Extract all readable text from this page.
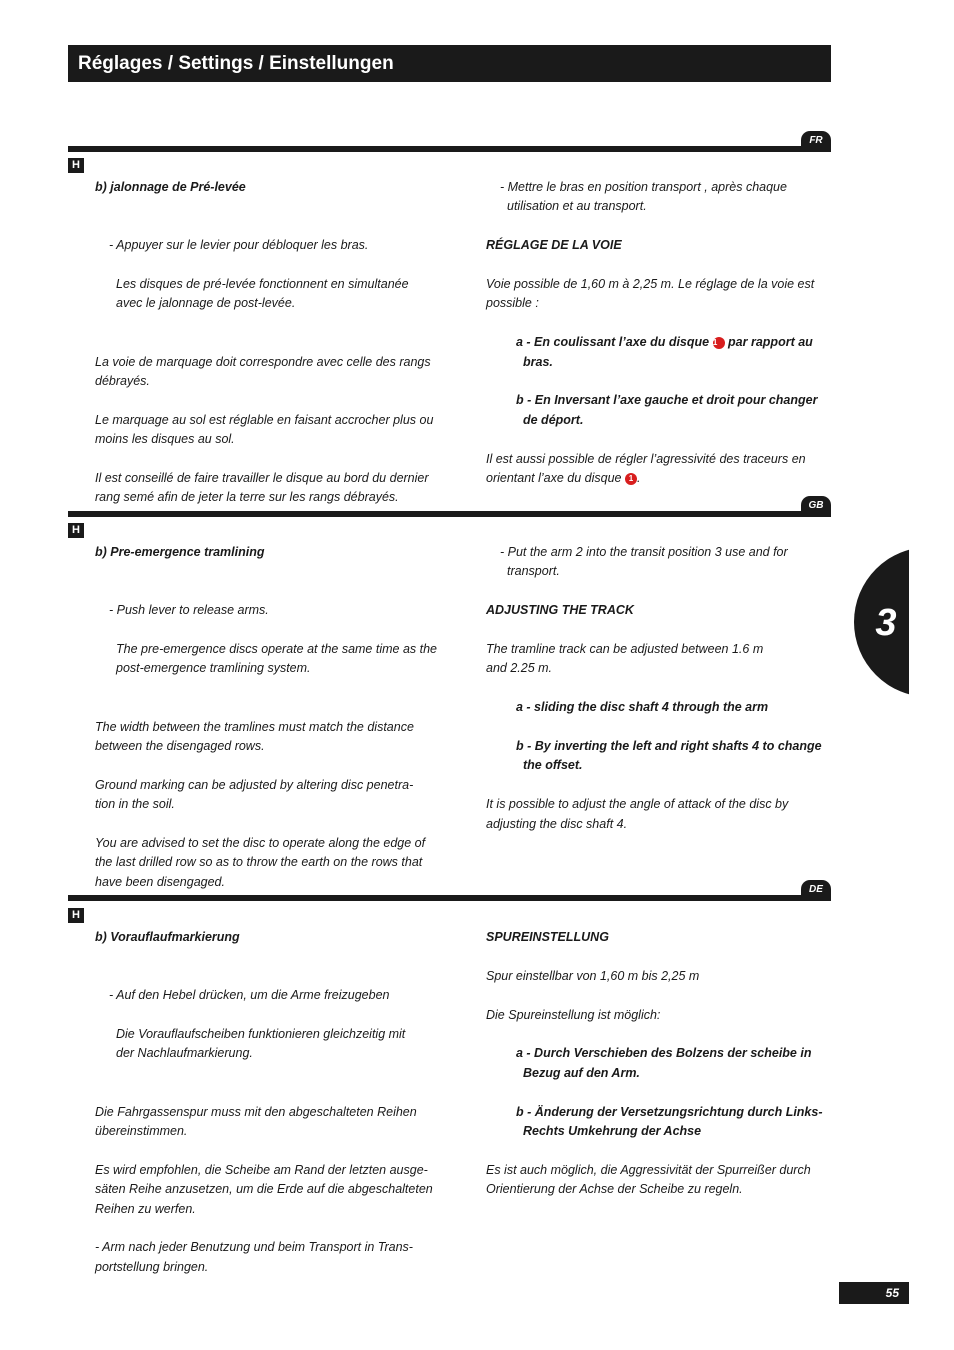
Réglages / Settings / Einstellungen
FR
H
b) jalonnage de Pré-levée

- Appuyer sur le levier pour débloquer les bras.

Les disques de pré-levée fonctionnent en simultanée
avec le jalonnage de post-levée.

La voie de marquage doit correspondre avec celle des rangs
débrayés.
Le marquage au sol est réglable en faisant accrocher plus ou
moins les disques au sol.
Il est conseillé de faire travailler le disque au bord du dernier
rang semé afin de jeter la terre sur les rangs débrayés.
- Mettre le bras en position transport , après chaque
utilisation et au transport.
RÉGLAGE DE LA VOIE
Voie possible de 1,60 m à 2,25 m. Le réglage de la voie est
possible :
a - En coulissant l’axe du disque 1 par rapport au
bras.
b - En Inversant l’axe gauche et droit pour changer
de déport.
Il est aussi possible de régler l’agressivité des traceurs en
orientant l’axe du disque 1 .
GB
H
b) Pre-emergence tramlining

- Push lever to release arms.

The pre-emergence discs operate at the same time as the
post-emergence tramlining system.

The width between the tramlines must match the distance
between the disengaged rows.
Ground marking can be adjusted by altering disc penetra-
tion in the soil.
You are advised to set the disc to operate along the edge of
the last drilled row so as to throw the earth on the rows that
have been disengaged.
- Put the arm 2 into the transit position 3 use and for
transport.
ADJUSTING THE TRACK
The tramline track can be adjusted between 1.6 m
and 2.25 m.
a - sliding the disc shaft 4 through the arm
b - By inverting the left and right shafts 4 to change
the offset.
It is possible to adjust the angle of attack of the disc by
adjusting the disc shaft 4.
DE
H
b) Vorauflaufmarkierung

- Auf den Hebel drücken, um die Arme freizugeben

Die Vorauflaufscheiben funktionieren gleichzeitig mit
der Nachlaufmarkierung.

Die Fahrgassenspur muss mit den abgeschalteten Reihen
übereinstimmen.
Es wird empfohlen, die Scheibe am Rand der letzten ausge-
säten Reihe anzusetzen, um die Erde auf die abgeschalteten
Reihen zu werfen.
- Arm nach jeder Benutzung und beim Transport in Trans-
portstellung bringen.
SPUREINSTELLUNG
Spur einstellbar von 1,60 m bis 2,25 m
Die Spureinstellung ist möglich:
a - Durch Verschieben des Bolzens der scheibe in
Bezug auf den Arm.
b - Änderung der Versetzungsrichtung durch Links-
Rechts Umkehrung der Achse
Es ist auch möglich, die Aggressivität der Spurreißer durch
Orientierung der Achse der Scheibe zu regeln.
3
55
